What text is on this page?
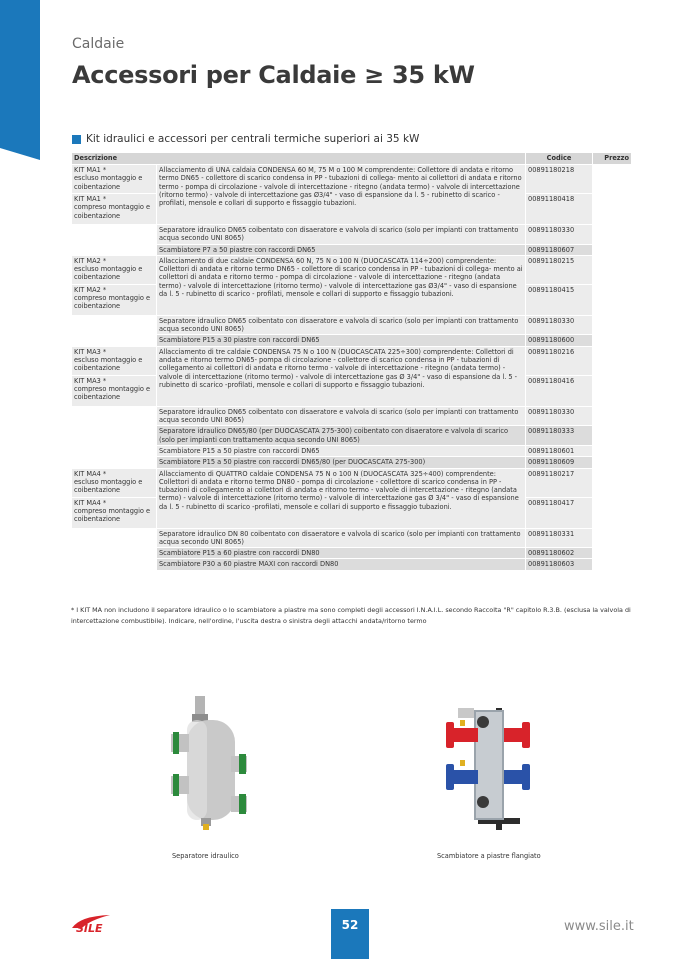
Caldaie
Accessori per Caldaie ≥ 35 kW
Kit idraulici e accessori per centrali termiche superiori ai 35 kW
Descrizione		Codice	Prezzo

KIT MA1 *
escluso montaggio e coibentazione	Allacciamento di UNA caldaia CONDENSA 60 M, 75 M o 100 M comprendente: Collettore di andata e ritorno termo DN65 - collettore di scarico condensa in PP - tubazioni di collega- mento ai collettori di andata e ritorno termo - pompa di circolazione - valvole di intercettazione - ritegno (andata termo) - valvole di intercettazione (ritorno termo) - valvole di intercettazione gas Ø3/4" - vaso di espansione da l. 5 - rubinetto di scarico - profilati, mensole e collari di supporto e fissaggio tubazioni.	00891180218	

KIT MA1 *
compreso montaggio e coibentazione		00891180418	
	Separatore idraulico DN65 coibentato con disaeratore e valvola di scarico (solo per impianti con trattamento acqua secondo UNI 8065)	00891180330	
	Scambiatore P7 a 50 piastre con raccordi DN65	00891180607	

KIT MA2 *
escluso montaggio e coibentazione	Allacciamento di due caldaie CONDENSA 60 N, 75 N o 100 N (DUOCASCATA 114÷200) comprendente: Collettori di andata e ritorno termo DN65 - collettore di scarico condensa in PP - tubazioni di collega- mento ai collettori di andata e ritorno termo - pompa di circolazione - valvole di intercettazione - ritegno (andata termo) - valvole di intercettazione (ritorno termo) - valvole di intercettazione gas Ø3/4" - vaso di espansione da l. 5 - rubinetto di scarico - profilati, mensole e collari di supporto e fissaggio tubazioni.	00891180215	

KIT MA2 *
compreso montaggio e coibentazione		00891180415	
	Separatore idraulico DN65 coibentato con disaeratore e valvola di scarico (solo per impianti con trattamento acqua secondo UNI 8065)	00891180330	
	Scambiatore P15 a 30 piastre con raccordi DN65	00891180600	

KIT MA3 *
escluso montaggio e coibentazione	Allacciamento di tre caldaie CONDENSA 75 N o 100 N (DUOCASCATA 225÷300) comprendente: Collettori di andata e ritorno termo DN65- pompa di circolazione - collettore di scarico condensa in PP - tubazioni di collegamento ai collettori di andata e ritorno termo - valvole di intercettazione - ritegno (andata termo) - valvole di intercettazione (ritorno termo) - valvole di intercettazione gas Ø 3/4" - vaso di espansione da l. 5 - rubinetto di scarico -profilati, mensole e collari di supporto e fissaggio tubazioni.	00891180216	

KIT MA3 *
compreso montaggio e coibentazione		00891180416	
	Separatore idraulico DN65 coibentato con disaeratore e valvola di scarico (solo per impianti con trattamento acqua secondo UNI 8065)	00891180330	
	Separatore idraulico DN65/80 (per DUOCASCATA 275-300) coibentato con disaeratore e valvola di scarico (solo per impianti con trattamento acqua secondo UNI 8065)	00891180333	
	Scambiatore P15 a 50 piastre con raccordi DN65	00891180601	
	Scambiatore P15 a 50 piastre con raccordi DN65/80 (per DUOCASCATA 275-300)	00891180609	

KIT MA4 *
escluso montaggio e coibentazione	Allacciamento di QUATTRO caldaie CONDENSA 75 N o 100 N (DUOCASCATA 325÷400) comprendente: Collettori di andata e ritorno termo DN80 - pompa di circolazione - collettore di scarico condensa in PP - tubazioni di collegamento ai collettori di andata e ritorno termo - valvole di intercettazione - ritegno (andata termo) - valvole di intercettazione (ritorno termo) - valvole di intercettazione gas Ø 3/4" - vaso di espansione da l. 5 - rubinetto di scarico -profilati, mensole e collari di supporto e fissaggio tubazioni.	00891180217	

KIT MA4 *
compreso montaggio e coibentazione		00891180417	
	Separatore idraulico DN 80 coibentato con disaeratore e valvola di scarico (solo per impianti con trattamento acqua secondo UNI 8065)	00891180331	
	Scambiatore P15 a 60 piastre con raccordi DN80	00891180602	
	Scambiatore P30 a 60 piastre MAXI con raccordi DN80	00891180603	
* I KIT MA non includono il separatore idraulico o lo scambiatore a piastre ma sono completi degli accessori I.N.A.I.L. secondo Raccolta "R" capitolo R.3.B. (esclusa la valvola di intercettazione combustibile). Indicare, nell'ordine, l'uscita destra o sinistra degli attacchi andata/ritorno termo
Separatore idraulico	Scambiatore a piastre flangiato
SILE	52	www.sile.it
